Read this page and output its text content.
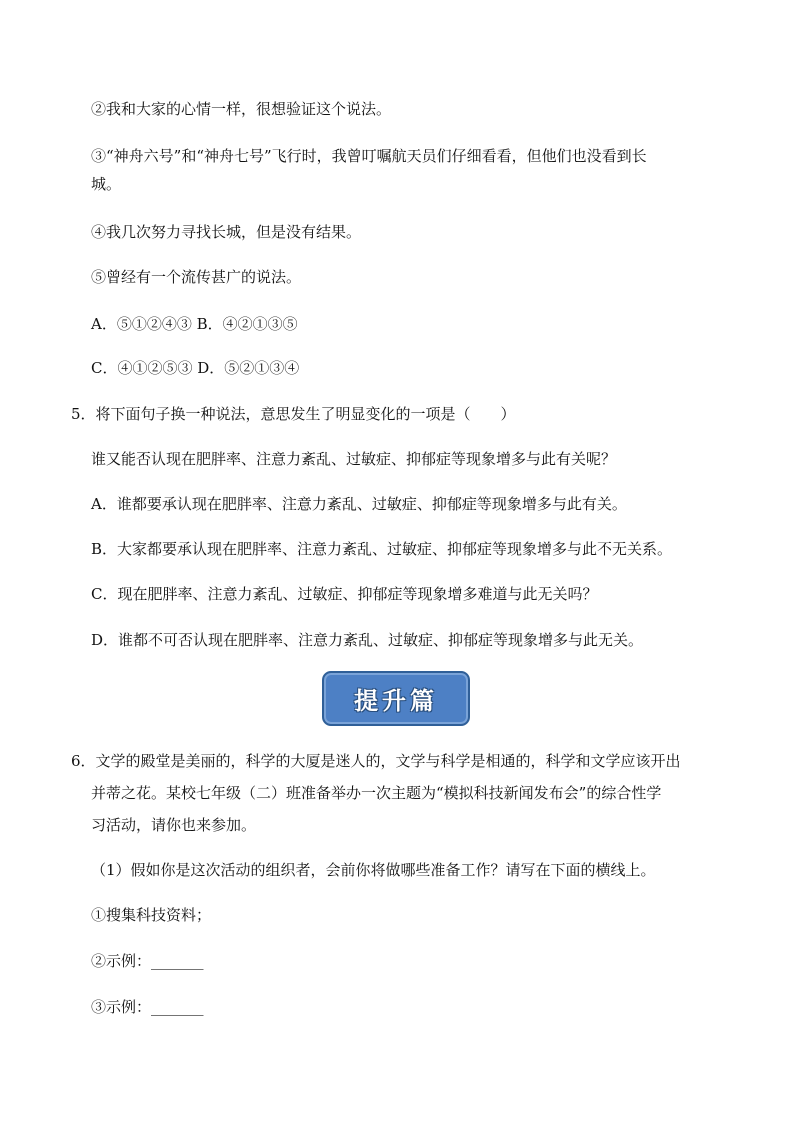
②我和大家的心情一样，很想验证这个说法。
③“神舟六号”和“神舟七号”飞行时，我曾叮嘱航天员们仔细看看，但他们也没看到长
城。
④我几次努力寻找长城，但是没有结果。
⑤曾经有一个流传甚广的说法。
A．⑤①②④③ B．④②①③⑤
C．④①②⑤③ D．⑤②①③④
5．将下面句子换一种说法，意思发生了明显变化的一项是（　　）
谁又能否认现在肥胖率、注意力紊乱、过敏症、抑郁症等现象增多与此有关呢？
A．谁都要承认现在肥胖率、注意力紊乱、过敏症、抑郁症等现象增多与此有关。
B．大家都要承认现在肥胖率、注意力紊乱、过敏症、抑郁症等现象增多与此不无关系。
C．现在肥胖率、注意力紊乱、过敏症、抑郁症等现象增多难道与此无关吗？
D．谁都不可否认现在肥胖率、注意力紊乱、过敏症、抑郁症等现象增多与此无关。
提升篇
6．文学的殿堂是美丽的，科学的大厦是迷人的，文学与科学是相通的，科学和文学应该开出
并蒂之花。某校七年级（二）班准备举办一次主题为“模拟科技新闻发布会”的综合性学
习活动，请你也来参加。
（1）假如你是这次活动的组织者，会前你将做哪些准备工作？请写在下面的横线上。
①搜集科技资料；
②示例：_______
③示例：_______
